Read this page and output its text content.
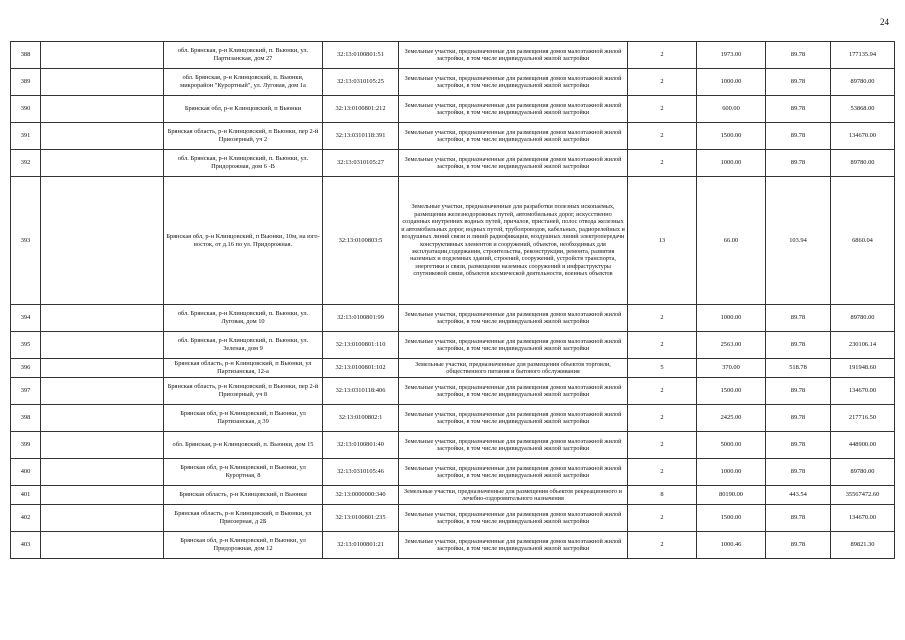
24
388		обл. Брянская, р-н Клинцовский, п. Вьюнки, ул. Партизанская, дом 27	32:13:0100801:51	Земельные участки, предназначенные для размещения домов малоэтажной жилой застройки, в том числе индивидуальной жилой застройки	2	1973.00	89.78	177135.94
389		обл. Брянская, р-н Клинцовский, п. Вьюнки, микрорайон "Курортный", ул. Луговая, дом 1а	32:13:0310105:25	Земельные участки, предназначенные для размещения домов малоэтажной жилой застройки, в том числе индивидуальной жилой застройки	2	1000.00	89.78	89780.00
390		Брянская обл, р-н Клинцовский, п Вьюнки	32:13:0100801:212	Земельные участки, предназначенные для размещения домов малоэтажной жилой застройки, в том числе индивидуальной жилой застройки	2	600.00	89.78	53868.00
391		Брянская область, р-н Клинцовский, п Вьюнки, пер 2-й Приозерный, уч 2	32:13:0310118:391	Земельные участки, предназначенные для размещения домов малоэтажной жилой застройки, в том числе индивидуальной жилой застройки	2	1500.00	89.78	134670.00
392		обл. Брянская, р-н Клинцовский, п. Вьюнки, ул. Придорожная, дом 6 -В	32:13:0310105:27	Земельные участки, предназначенные для размещения домов малоэтажной жилой застройки, в том числе индивидуальной жилой застройки	2	1000.00	89.78	89780.00
393		Брянская обл, р-н Клинцовский, п Вьюнки, 10м, на юго-восток, от д.16 по ул. Придорожная.	32:13:0100803:5	Земельные участки, предназначенные для разработки полезных ископаемых, размещения железнодорожных путей, автомобильных дорог, искусственно созданных внутренних водных путей, причалов, пристаней, полос отвода железных и автомобильных дорог, водных путей, трубопроводов, кабельных, радиорелейных и воздушных линий связи и линий радиофикации, воздушных линий электропередачи конструктивных элементов и сооружений, объектов, необходимых для эксплуатации,содержания, строительства, реконструкции, ремонта, развития наземных и подземных зданий, строений, сооружений, устройств транспорта, энергетики и связи, размещения наземных сооружений и инфраструктуры спутниковой связи, объектов космической деятельности, военных объектов	13	66.00	103.94	6860.04
394		обл. Брянская, р-н Клинцовский, п. Вьюнки, ул. Луговая, дом 10	32:13:0100801:99	Земельные участки, предназначенные для размещения домов малоэтажной жилой застройки, в том числе индивидуальной жилой застройки	2	1000.00	89.78	89780.00
395		обл. Брянская, р-н Клинцовский, п. Вьюнки, ул. Зеленая, дом 9	32:13:0100801:110	Земельные участки, предназначенные для размещения домов малоэтажной жилой застройки, в том числе индивидуальной жилой застройки	2	2563.00	89.78	230106.14
396		Брянская область, р-н Клинцовский, п Вьюнки, ул Партизанская, 12-а	32:13:0100801:102	Земельные участки, предназначенные для размещения объектов торговли, общественного питания и бытового обслуживания	5	370.00	518.78	191948.60
397		Брянская область, р-н Клинцовский, п Вьюнки, пер 2-й Приозерный, уч 8	32:13:0310118:406	Земельные участки, предназначенные для размещения домов малоэтажной жилой застройки, в том числе индивидуальной жилой застройки	2	1500.00	89.78	134670.00
398		Брянская обл, р-н Клинцовский, п Вьюнки, ул Партизанская, д 39	32:13:0100802:1	Земельные участки, предназначенные для размещения домов малоэтажной жилой застройки, в том числе индивидуальной жилой застройки	2	2425.00	89.78	217716.50
399		обл. Брянская, р-н Клинцовский, п. Вьюнки, дом 15	32:13:0100801:40	Земельные участки, предназначенные для размещения домов малоэтажной жилой застройки, в том числе индивидуальной жилой застройки	2	5000.00	89.78	448900.00
400		Брянская обл, р-н Клинцовский, п Вьюнки, ул Курортная, 8	32:13:0310105:46	Земельные участки, предназначенные для размещения домов малоэтажной жилой застройки, в том числе индивидуальной жилой застройки	2	1000.00	89.78	89780.00
401		Брянская область, р-н Клинцовский, п Вьюнки	32:13:0000000:340	Земельные участки, предназначенные для размещения объектов рекреационного и лечебно-оздоровительного назначения	8	80190.00	443.54	35567472.60
402		Брянская область, р-н Клинцовский, п Вьюнки, ул Приозерная, д 2Б	32:13:0100801:235	Земельные участки, предназначенные для размещения домов малоэтажной жилой застройки, в том числе индивидуальной жилой застройки	2	1500.00	89.78	134670.00
403		Брянская обл, р-н Клинцовский, п Вьюнки, ул Придорожная, дом 12	32:13:0100801:21	Земельные участки, предназначенные для размещения домов малоэтажной жилой застройки, в том числе индивидуальной жилой застройки	2	1000.46	89.78	89821.30
